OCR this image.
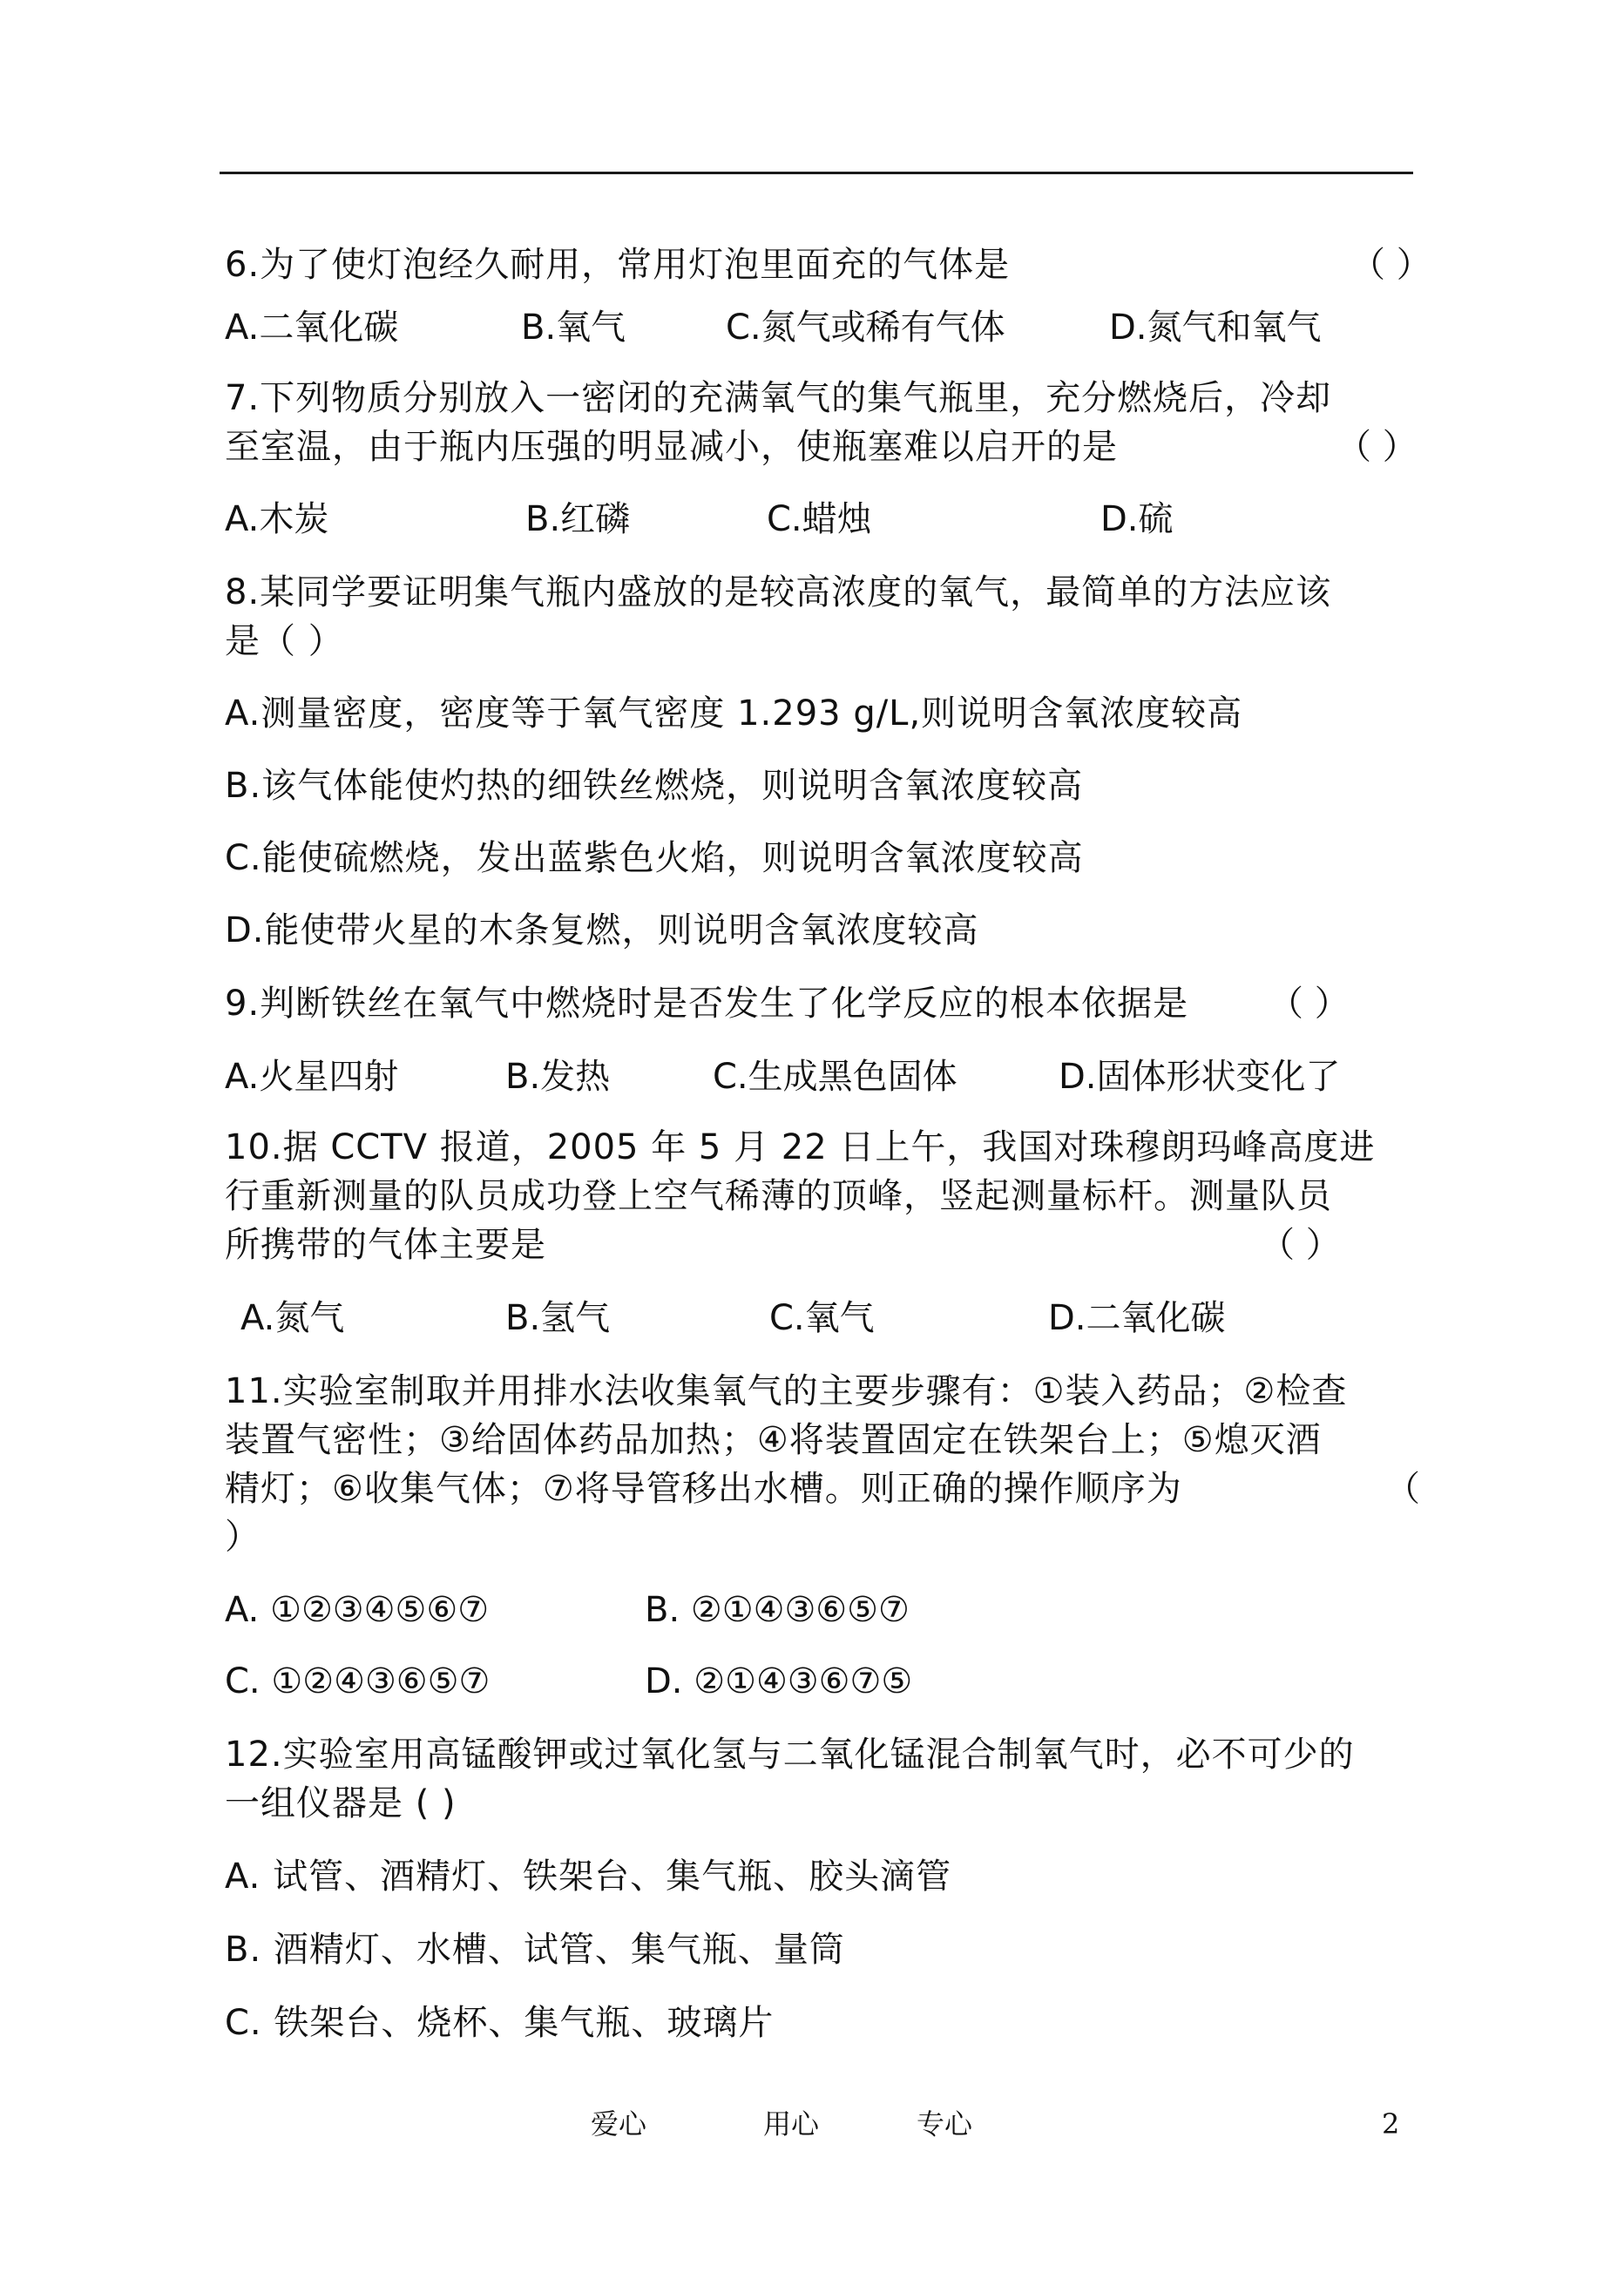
6.为了使灯泡经久耐用，常用灯泡里面充的气体是	（ ）
A.二氧化碳	B.氧气	C.氮气或稀有气体	D.氮气和氧气
7.下列物质分别放入一密闭的充满氧气的集气瓶里，充分燃烧后，冷却
至室温，由于瓶内压强的明显减小，使瓶塞难以启开的是	（ ）
A.木炭	B.红磷	C.蜡烛	D.硫
8.某同学要证明集气瓶内盛放的是较高浓度的氧气，最简单的方法应该
是（ ）
A.测量密度，密度等于氧气密度 1.293 g/L,则说明含氧浓度较高
B.该气体能使灼热的细铁丝燃烧，则说明含氧浓度较高
C.能使硫燃烧，发出蓝紫色火焰，则说明含氧浓度较高
D.能使带火星的木条复燃，则说明含氧浓度较高
9.判断铁丝在氧气中燃烧时是否发生了化学反应的根本依据是 （ ）
A.火星四射	B.发热	C.生成黑色固体	D.固体形状变化了
10.据 CCTV 报道，2005 年 5 月 22 日上午，我国对珠穆朗玛峰高度进
行重新测量的队员成功登上空气稀薄的顶峰，竖起测量标杆。测量队员
所携带的气体主要是	（ ）
A.氮气	B.氢气	C.氧气	D.二氧化碳
11.实验室制取并用排水法收集氧气的主要步骤有：①装入药品；②检查
装置气密性；③给固体药品加热；④将装置固定在铁架台上；⑤熄灭酒
精灯；⑥收集气体；⑦将导管移出水槽。则正确的操作顺序为	（
）
A. ①②③④⑤⑥⑦	B. ②①④③⑥⑤⑦
C. ①②④③⑥⑤⑦	D. ②①④③⑥⑦⑤
12.实验室用高锰酸钾或过氧化氢与二氧化锰混合制氧气时，必不可少的
一组仪器是 ( )
A. 试管、酒精灯、铁架台、集气瓶、胶头滴管
B. 酒精灯、水槽、试管、集气瓶、量筒
C. 铁架台、烧杯、集气瓶、玻璃片
爱心	用心	专心	2
